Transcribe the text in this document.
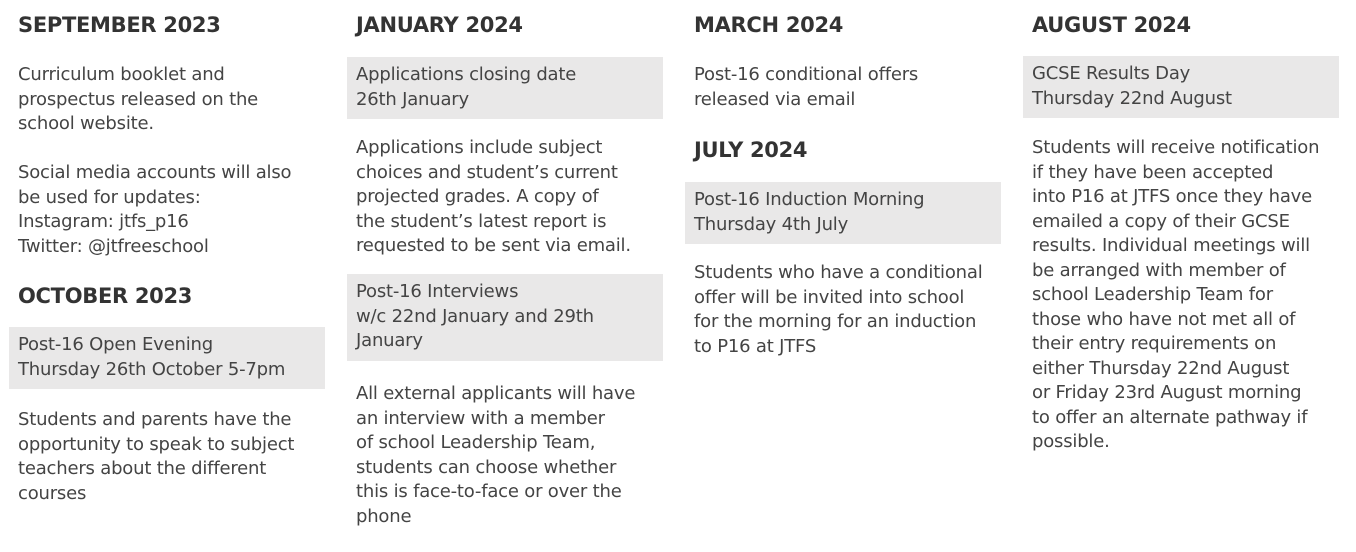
SEPTEMBER 2023
Curriculum booklet and
prospectus released on the
school website.
Social media accounts will also
be used for updates:
Instagram: jtfs_p16
Twitter: @jtfreeschool
OCTOBER 2023
Post-16 Open Evening
Thursday 26th October 5-7pm
Students and parents have the
opportunity to speak to subject
teachers about the different
courses
JANUARY 2024
Applications closing date
26th January
Applications include subject
choices and student’s current
projected grades. A copy of
the student’s latest report is
requested to be sent via email.
Post-16 Interviews
w/c 22nd January and 29th
January
All external applicants will have
an interview with a member
of school Leadership Team,
students can choose whether
this is face-to-face or over the
phone
MARCH 2024
Post-16 conditional offers
released via email
JULY 2024
Post-16 Induction Morning
Thursday 4th July
Students who have a conditional
offer will be invited into school
for the morning for an induction
to P16 at JTFS
AUGUST 2024
GCSE Results Day
Thursday 22nd August
Students will receive notification
if they have been accepted
into P16 at JTFS once they have
emailed a copy of their GCSE
results. Individual meetings will
be arranged with member of
school Leadership Team for
those who have not met all of
their entry requirements on
either Thursday 22nd August
or Friday 23rd August morning
to offer an alternate pathway if
possible.
